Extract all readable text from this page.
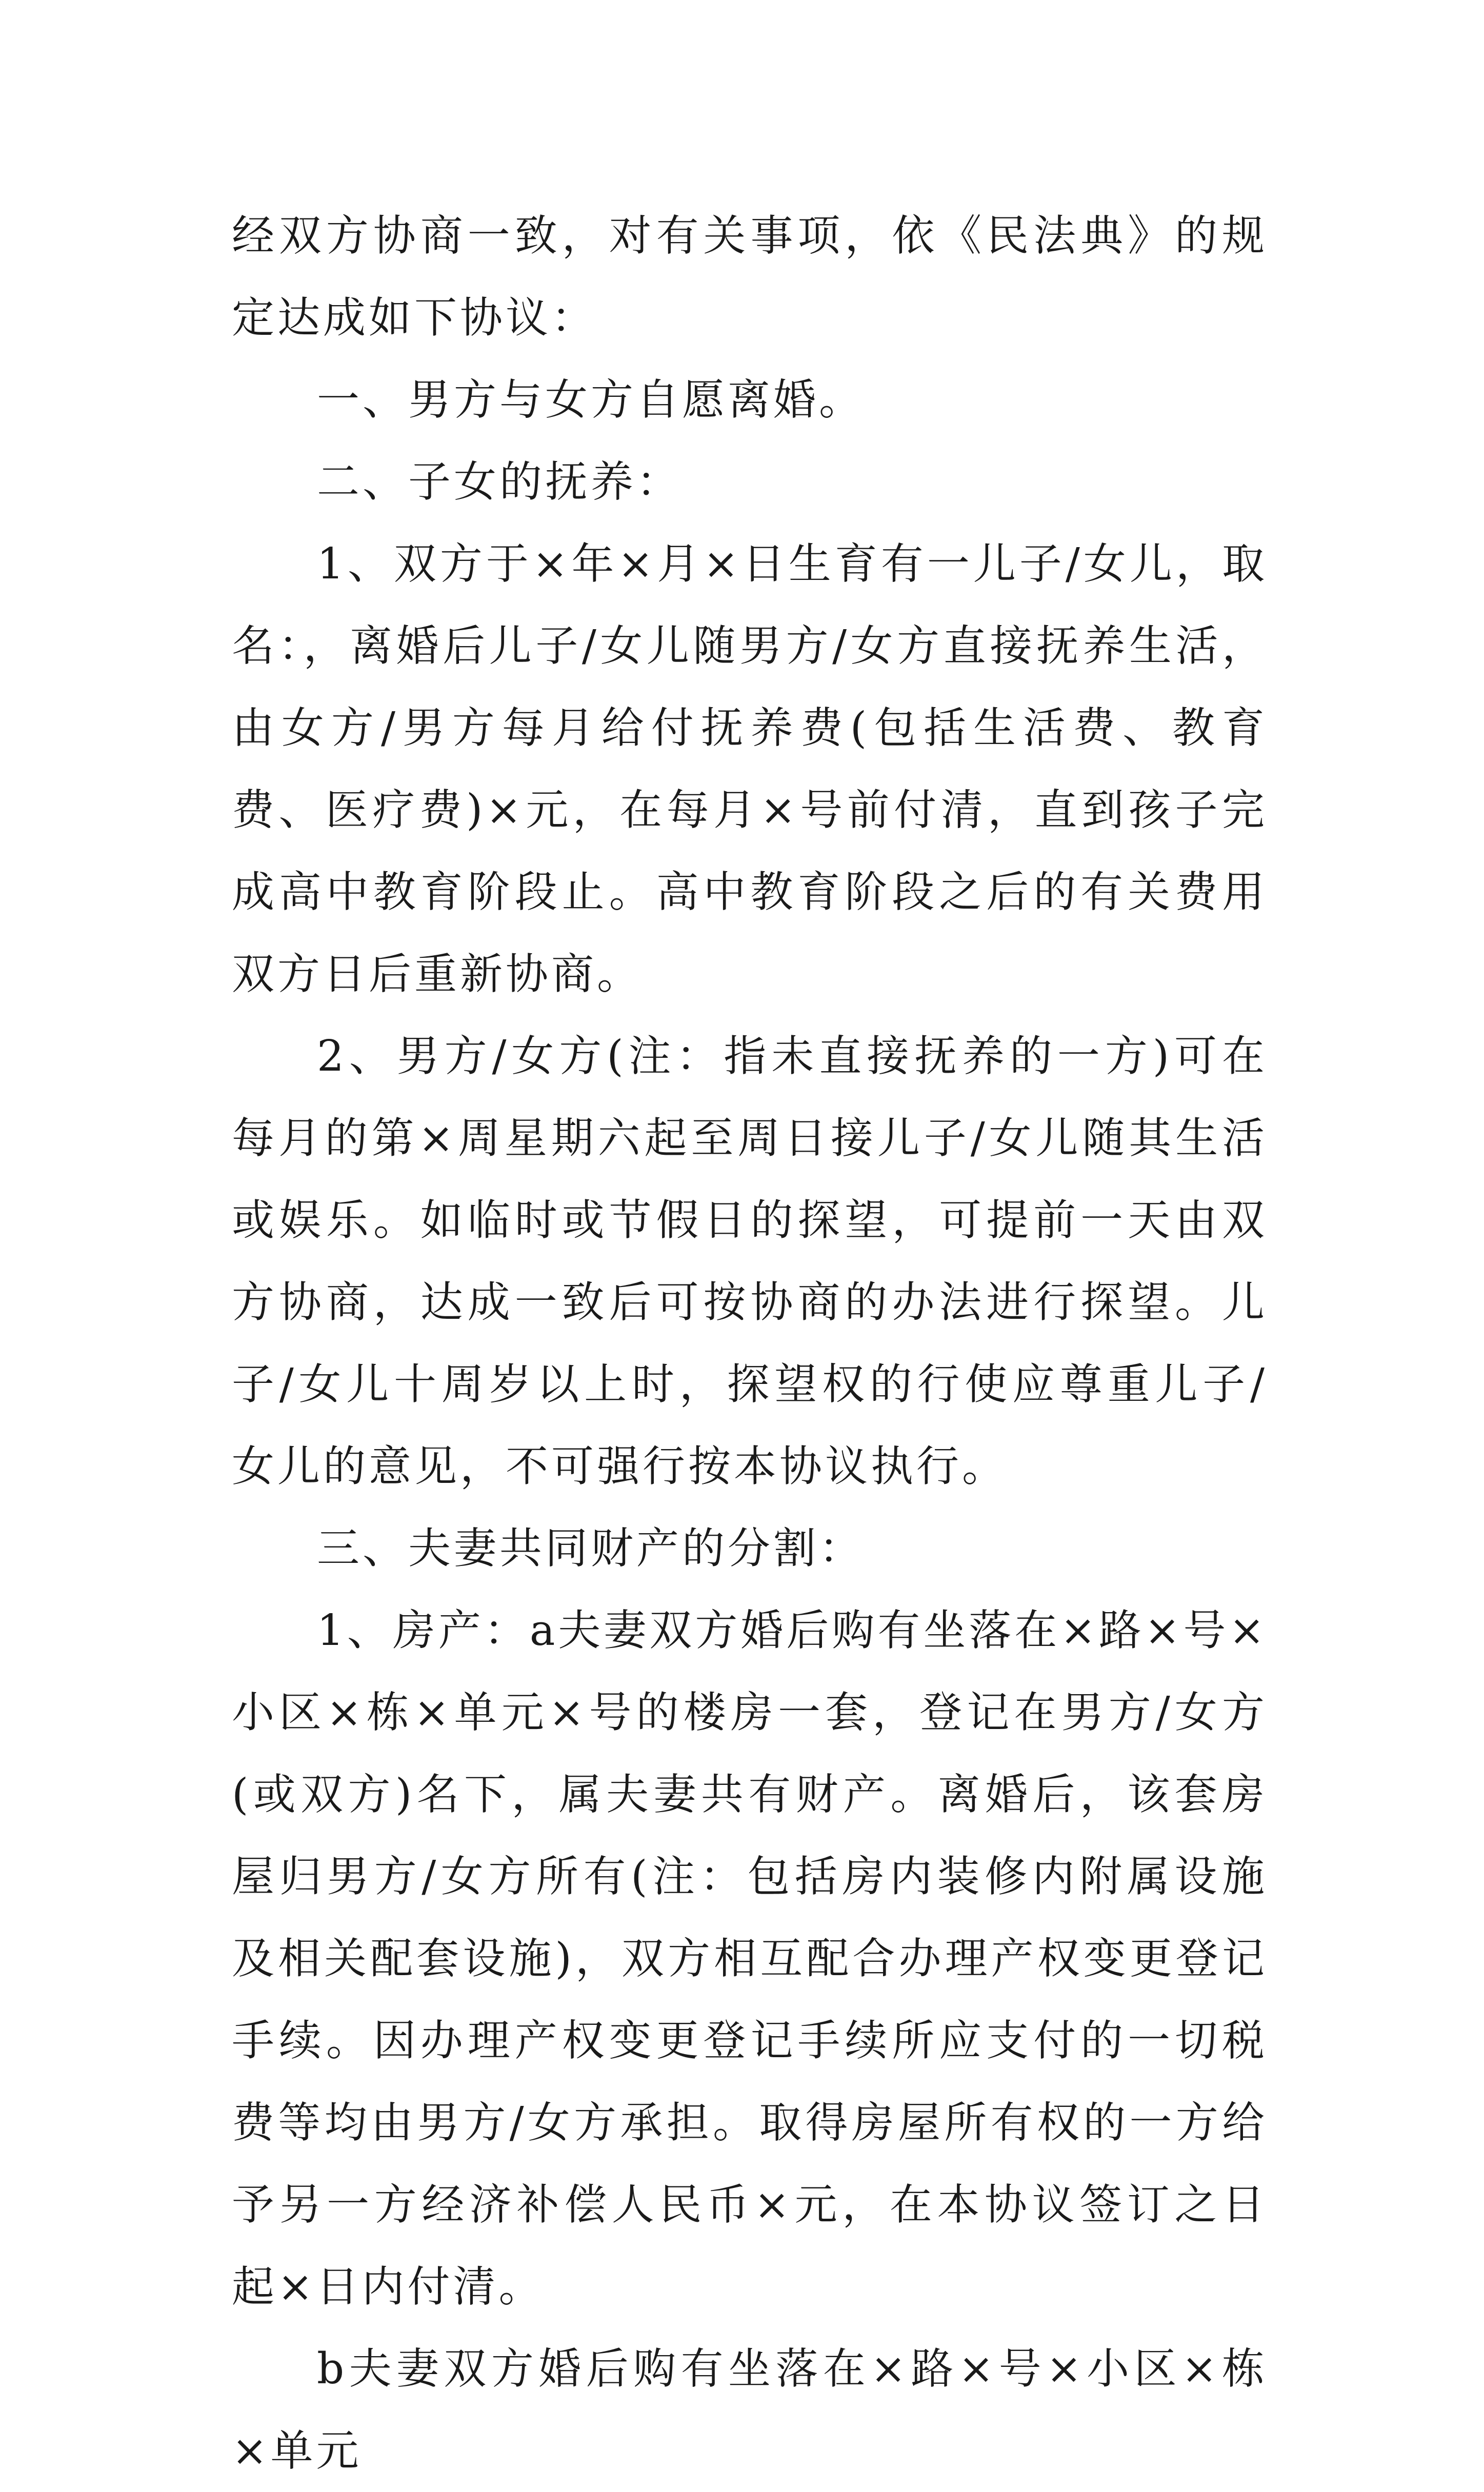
经双方协商一致，对有关事项，依《民法典》的规定达成如下协议：

一、男方与女方自愿离婚。

二、子女的抚养：

1、双方于×年×月×日生育有一儿子/女儿，取名：，离婚后儿子/女儿随男方/女方直接抚养生活，由女方/男方每月给付抚养费(包括生活费、教育费、医疗费)×元，在每月×号前付清，直到孩子完成高中教育阶段止。高中教育阶段之后的有关费用双方日后重新协商。

2、男方/女方(注：指未直接抚养的一方)可在每月的第×周星期六起至周日接儿子/女儿随其生活或娱乐。如临时或节假日的探望，可提前一天由双方协商，达成一致后可按协商的办法进行探望。儿子/女儿十周岁以上时，探望权的行使应尊重儿子/女儿的意见，不可强行按本协议执行。

三、夫妻共同财产的分割：

1、房产：a夫妻双方婚后购有坐落在×路×号×小区×栋×单元×号的楼房一套，登记在男方/女方(或双方)名下，属夫妻共有财产。离婚后，该套房屋归男方/女方所有(注：包括房内装修内附属设施及相关配套设施)，双方相互配合办理产权变更登记手续。因办理产权变更登记手续所应支付的一切税费等均由男方/女方承担。取得房屋所有权的一方给予另一方经济补偿人民币×元，在本协议签订之日起×日内付清。

b夫妻双方婚后购有坐落在×路×号×小区×栋×单元
